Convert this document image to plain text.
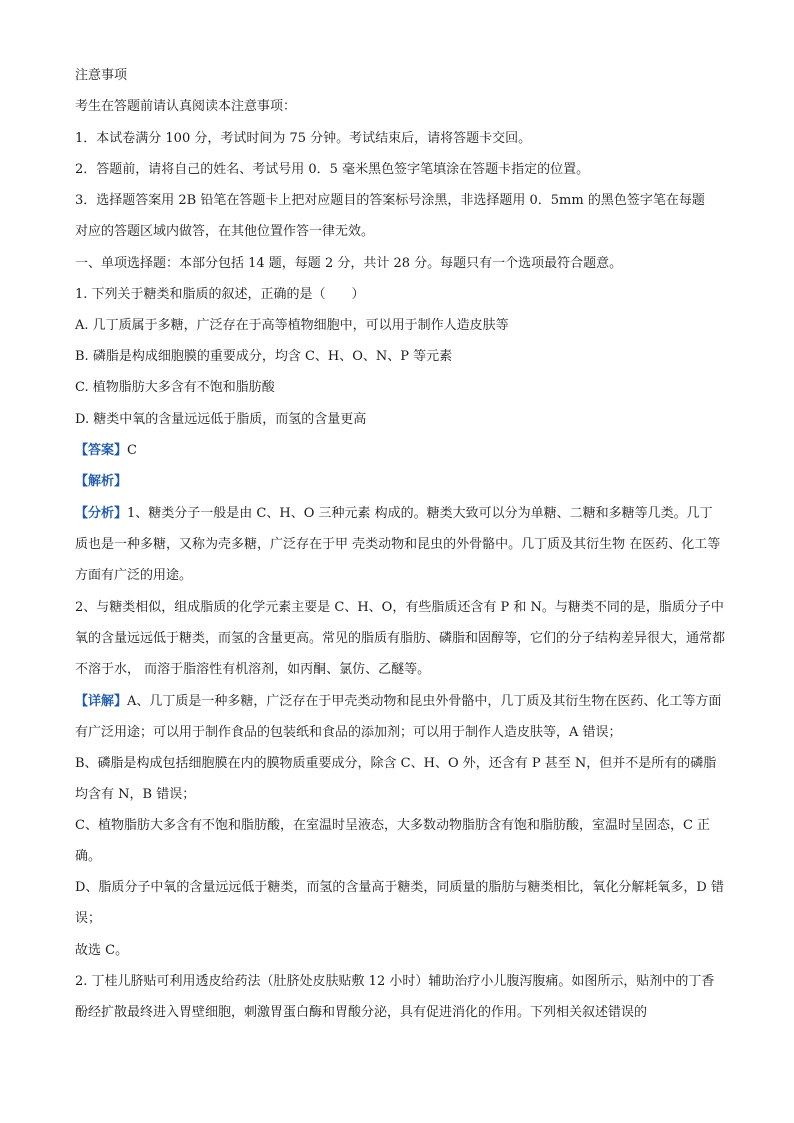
注意事项
考生在答题前请认真阅读本注意事项：
1．本试卷满分 100 分，考试时间为 75 分钟。考试结束后，请将答题卡交回。
2．答题前，请将自己的姓名、考试号用 0．5 毫米黑色签字笔填涂在答题卡指定的位置。
3．选择题答案用 2B 铅笔在答题卡上把对应题目的答案标号涂黑，非选择题用 0．5mm 的黑色签字笔在每题
对应的答题区域内做答，在其他位置作答一律无效。
一、单项选择题：本部分包括 14 题，每题 2 分，共计 28 分。每题只有一个选项最符合题意。
1. 下列关于糖类和脂质的叙述，正确的是（　　）
A. 几丁质属于多糖，广泛存在于高等植物细胞中，可以用于制作人造皮肤等
B. 磷脂是构成细胞膜的重要成分，均含 C、H、O、N、P 等元素
C. 植物脂肪大多含有不饱和脂肪酸
D. 糖类中氧的含量远远低于脂质，而氢的含量更高
【答案】C
【解析】
【分析】1、糖类分子一般是由 C、H、O 三种元素 构成的。糖类大致可以分为单糖、二糖和多糖等几类。几丁质也是一种多糖，又称为壳多糖，广泛存在于甲 壳类动物和昆虫的外骨骼中。几丁质及其衍生物 在医药、化工等方面有广泛的用途。
2、与糖类相似，组成脂质的化学元素主要是 C、H、O，有些脂质还含有 P 和 N。与糖类不同的是，脂质分子中氧的含量远远低于糖类，而氢的含量更高。常见的脂质有脂肪、磷脂和固醇等，它们的分子结构差异很大，通常都不溶于水， 而溶于脂溶性有机溶剂，如丙酮、氯仿、乙醚等。
【详解】A、几丁质是一种多糖，广泛存在于甲壳类动物和昆虫外骨骼中，几丁质及其衍生物在医药、化工等方面有广泛用途；可以用于制作食品的包装纸和食品的添加剂；可以用于制作人造皮肤等，A 错误；
B、磷脂是构成包括细胞膜在内的膜物质重要成分，除含 C、H、O 外，还含有 P 甚至 N，但并不是所有的磷脂均含有 N，B 错误；
C、植物脂肪大多含有不饱和脂肪酸，在室温时呈液态，大多数动物脂肪含有饱和脂肪酸，室温时呈固态，C 正确。
D、脂质分子中氧的含量远远低于糖类，而氢的含量高于糖类，同质量的脂肪与糖类相比，氧化分解耗氧多，D 错误；
故选 C。
2. 丁桂儿脐贴可利用透皮给药法（肚脐处皮肤贴敷 12 小时）辅助治疗小儿腹泻腹痛。如图所示，贴剂中的丁香酚经扩散最终进入胃壁细胞，刺激胃蛋白酶和胃酸分泌，具有促进消化的作用。下列相关叙述错误的
